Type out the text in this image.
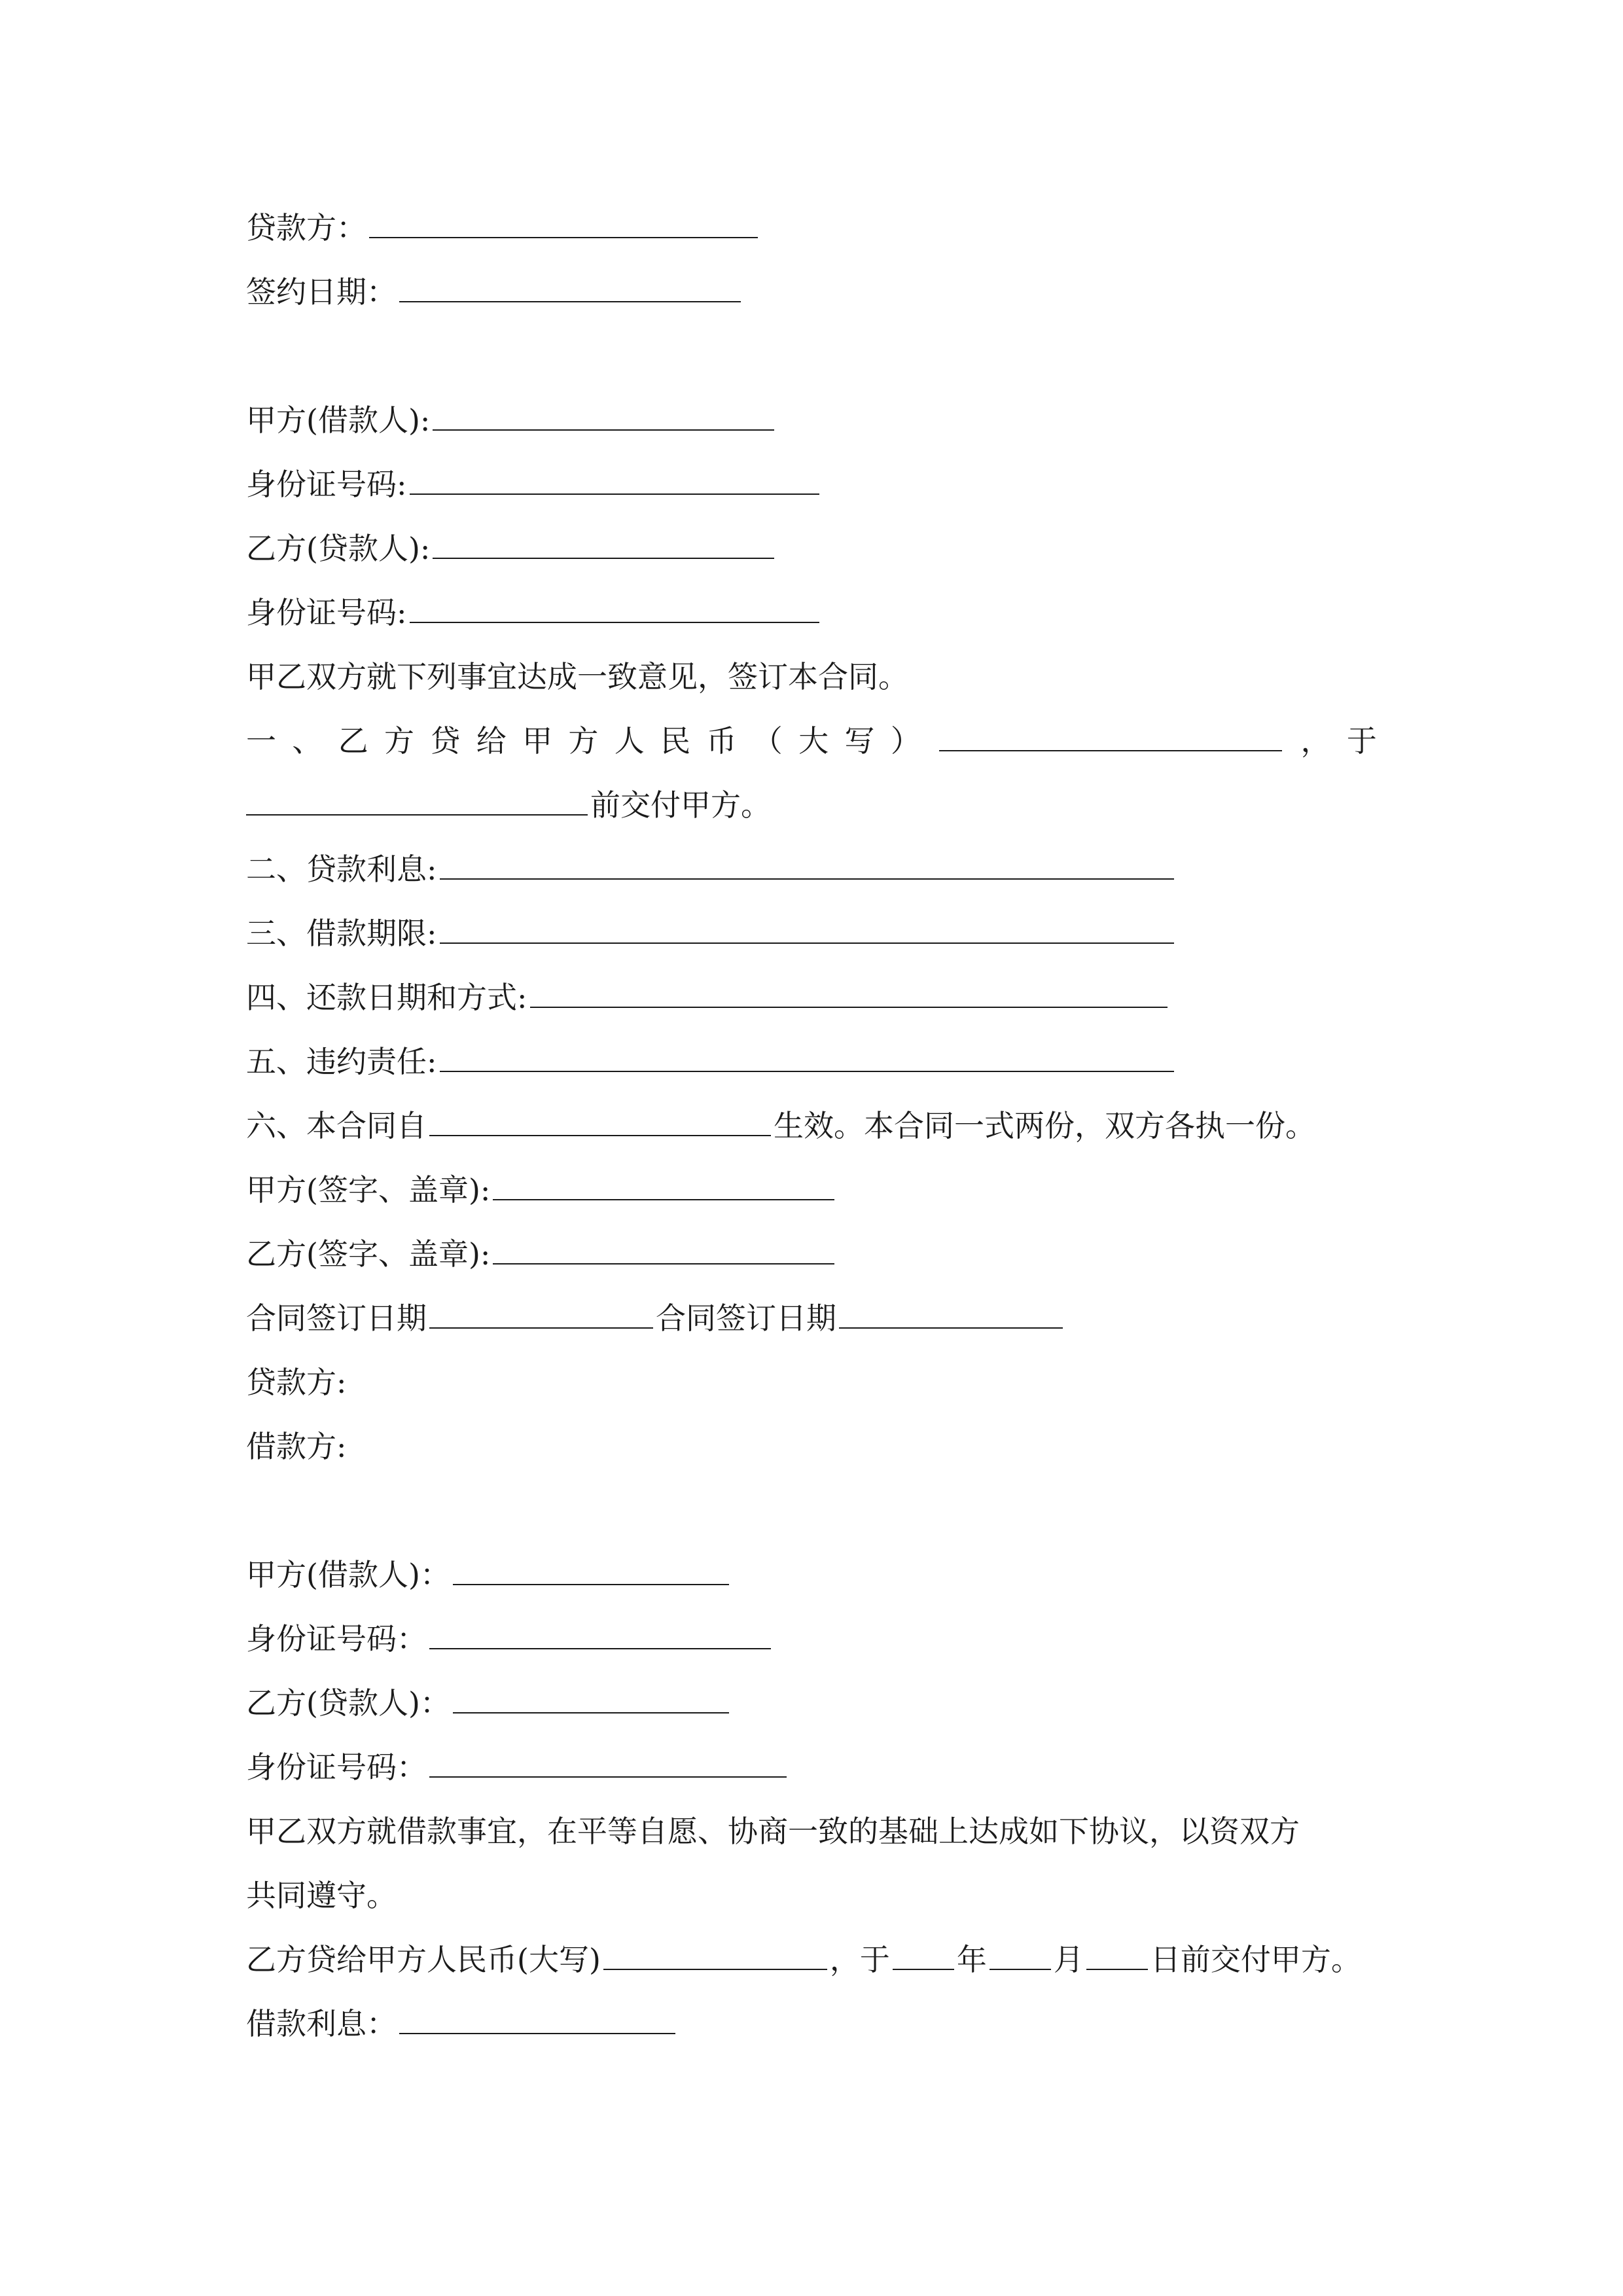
贷款方：
签约日期：
甲方(借款人):
身份证号码:
乙方(贷款人):
身份证号码:
甲乙双方就下列事宜达成一致意见，签订本合同。
一 、 乙 方 贷 给 甲 方 人 民 币 （ 大 写 ）	， 于
前交付甲方。
二、贷款利息:
三、借款期限:
四、还款日期和方式:
五、违约责任:
六、本合同自	生效。本合同一式两份，双方各执一份。
甲方(签字、盖章):
乙方(签字、盖章):
合同签订日期	合同签订日期
贷款方:
借款方:
甲方(借款人)：
身份证号码：
乙方(贷款人)：
身份证号码：
甲乙双方就借款事宜，在平等自愿、协商一致的基础上达成如下协议，以资双方
共同遵守。
乙方贷给甲方人民币(大写)	，于 年 月 日前交付甲方。
借款利息：
